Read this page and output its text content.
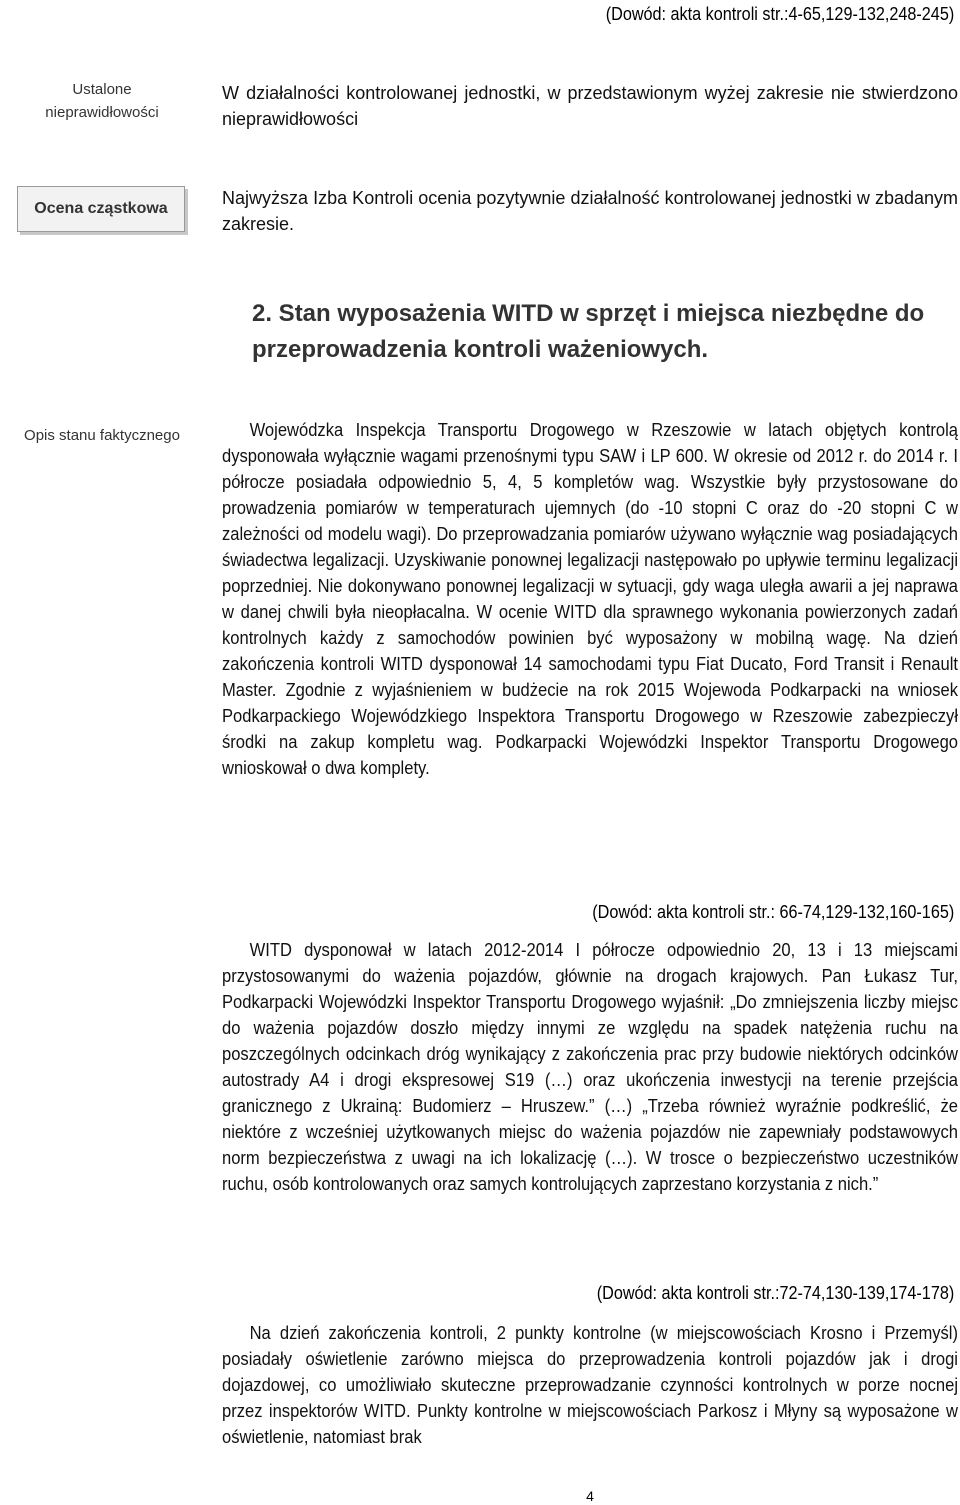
(Dowód: akta kontroli str.:4-65,129-132,248-245)
Ustalone nieprawidłowości
W działalności kontrolowanej jednostki, w przedstawionym wyżej zakresie nie stwierdzono nieprawidłowości
Ocena cząstkowa
Najwyższa Izba Kontroli ocenia pozytywnie działalność kontrolowanej jednostki w zbadanym zakresie.
2. Stan wyposażenia WITD w sprzęt i miejsca niezbędne do przeprowadzenia kontroli ważeniowych.
Opis stanu faktycznego	Wojewódzka Inspekcja Transportu Drogowego w Rzeszowie w latach objętych kontrolą dysponowała wyłącznie wagami przenośnymi typu SAW i LP 600. W okresie od 2012 r. do 2014 r. I półrocze posiadała odpowiednio 5, 4, 5 kompletów wag. Wszystkie były przystosowane do prowadzenia pomiarów w temperaturach ujemnych (do -10 stopni C oraz do -20 stopni C w zależności od modelu wagi). Do przeprowadzania pomiarów używano wyłącznie wag posiadających świadectwa legalizacji. Uzyskiwanie ponownej legalizacji następowało po upływie terminu legalizacji poprzedniej. Nie dokonywano ponownej legalizacji w sytuacji, gdy waga uległa awarii a jej naprawa w danej chwili była nieopłacalna. W ocenie WITD dla sprawnego wykonania powierzonych zadań kontrolnych każdy z samochodów powinien być wyposażony w mobilną wagę. Na dzień zakończenia kontroli WITD dysponował 14 samochodami typu Fiat Ducato, Ford Transit i Renault Master. Zgodnie z wyjaśnieniem w budżecie na rok 2015 Wojewoda Podkarpacki na wniosek Podkarpackiego Wojewódzkiego Inspektora Transportu Drogowego w Rzeszowie zabezpieczył środki na zakup kompletu wag. Podkarpacki Wojewódzki Inspektor Transportu Drogowego wnioskował o dwa komplety.
(Dowód: akta kontroli str.: 66-74,129-132,160-165)
WITD dysponował w latach 2012-2014 I półrocze odpowiednio 20, 13 i 13 miejscami przystosowanymi do ważenia pojazdów, głównie na drogach krajowych. Pan Łukasz Tur, Podkarpacki Wojewódzki Inspektor Transportu Drogowego wyjaśnił: „Do zmniejszenia liczby miejsc do ważenia pojazdów doszło między innymi ze względu na spadek natężenia ruchu na poszczególnych odcinkach dróg wynikający z zakończenia prac przy budowie niektórych odcinków autostrady A4 i drogi ekspresowej S19 (…) oraz ukończenia inwestycji na terenie przejścia granicznego z Ukrainą: Budomierz – Hruszew.” (…) „Trzeba również wyraźnie podkreślić, że niektóre z wcześniej użytkowanych miejsc do ważenia pojazdów nie zapewniały podstawowych norm bezpieczeństwa z uwagi na ich lokalizację (…). W trosce o bezpieczeństwo uczestników ruchu, osób kontrolowanych oraz samych kontrolujących zaprzestano korzystania z nich.”
(Dowód: akta kontroli str.:72-74,130-139,174-178)
Na dzień zakończenia kontroli, 2 punkty kontrolne (w miejscowościach Krosno i Przemyśl) posiadały oświetlenie zarówno miejsca do przeprowadzenia kontroli pojazdów jak i drogi dojazdowej, co umożliwiało skuteczne przeprowadzanie czynności kontrolnych w porze nocnej przez inspektorów WITD. Punkty kontrolne w miejscowościach Parkosz i Młyny są wyposażone w oświetlenie, natomiast brak
4
